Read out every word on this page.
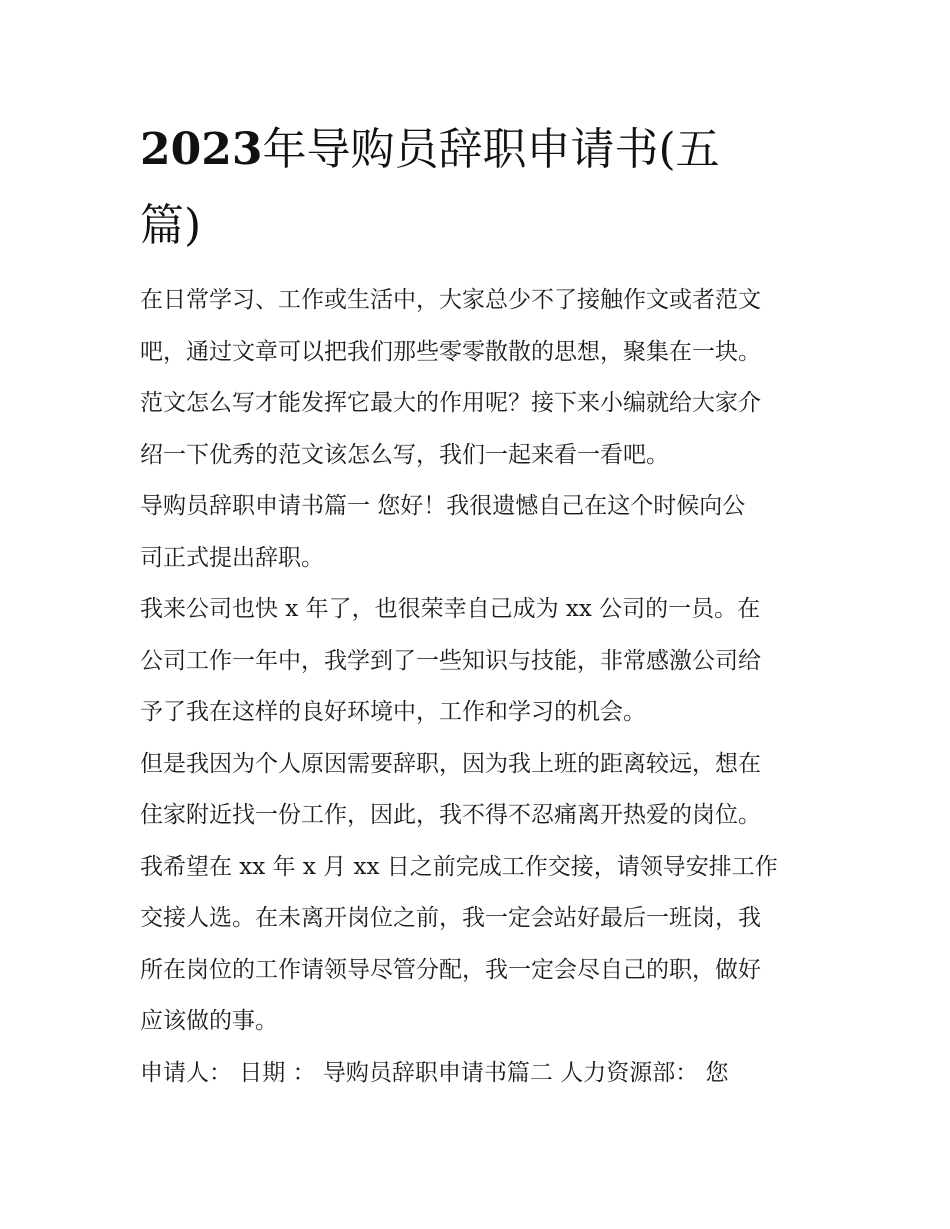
2023年导购员辞职申请书(五
篇)

在日常学习、工作或生活中，大家总少不了接触作文或者范文
吧，通过文章可以把我们那些零零散散的思想，聚集在一块。
范文怎么写才能发挥它最大的作用呢？接下来小编就给大家介
绍一下优秀的范文该怎么写，我们一起来看一看吧。

导购员辞职申请书篇一 您好！我很遗憾自己在这个时候向公
司正式提出辞职。

我来公司也快 x 年了，也很荣幸自己成为 xx 公司的一员。在
公司工作一年中，我学到了一些知识与技能，非常感激公司给
予了我在这样的良好环境中，工作和学习的机会。

但是我因为个人原因需要辞职，因为我上班的距离较远，想在
住家附近找一份工作，因此，我不得不忍痛离开热爱的岗位。
我希望在 xx 年 x 月 xx 日之前完成工作交接，请领导安排工作
交接人选。在未离开岗位之前，我一定会站好最后一班岗，我
所在岗位的工作请领导尽管分配，我一定会尽自己的职，做好
应该做的事。

申请人： 日期 ： 导购员辞职申请书篇二 人力资源部： 您
